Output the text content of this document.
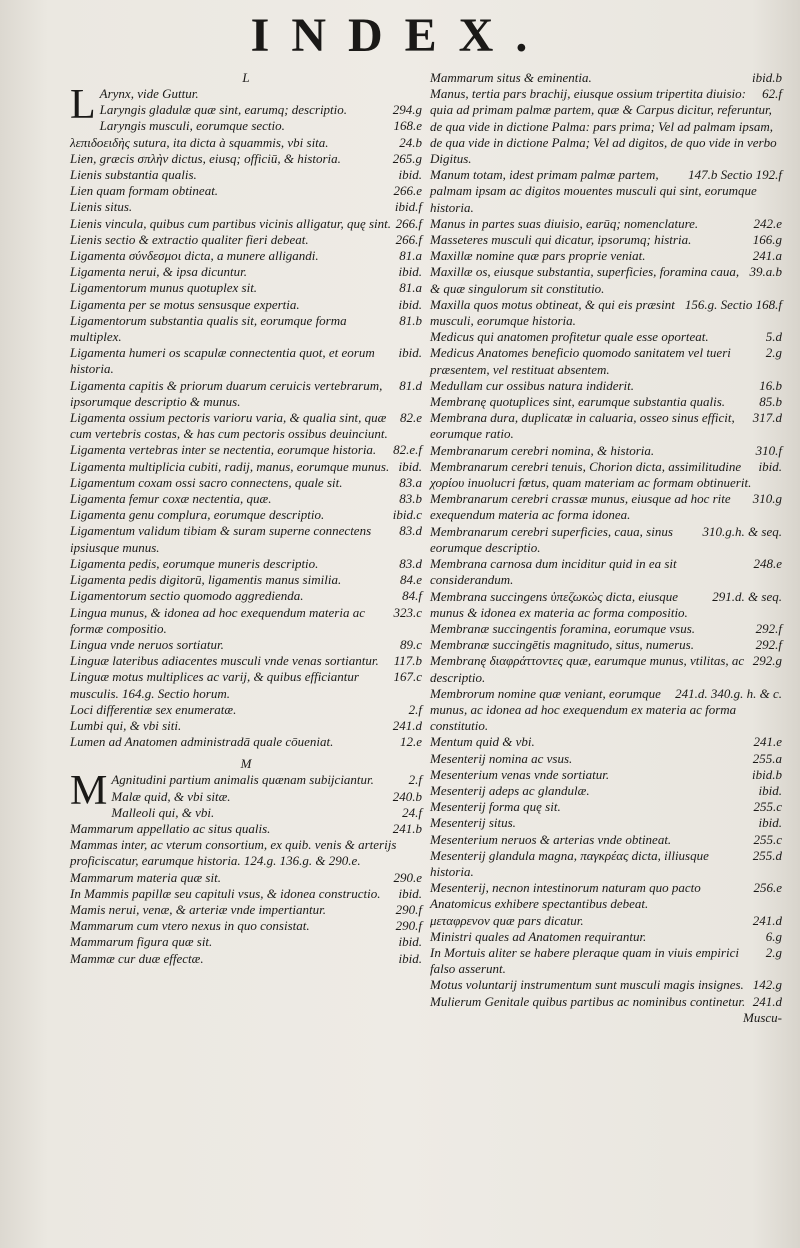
INDEX.
L
L Arynx, vide Guttur.
294.g
Laryngis gladulæ quæ sint, earumq; descriptio.
168.e
Laryngis musculi, eorumque sectio.
24.b
λεπιδοειδὴς sutura, ita dicta à squammis, vbi sita.
265.g
Lien, græcis σπλὴν dictus, eiusq; officiū, & historia.
ibid.
Lienis substantia qualis.
266.e
Lien quam formam obtineat.
ibid.f
Lienis situs.
266.f
Lienis vincula, quibus cum partibus vicinis alligatur, quę sint.
266.f
Lienis sectio & extractio qualiter fieri debeat.
81.a
Ligamenta σύνδεσμοι dicta, a munere alligandi.
ibid.
Ligamenta nerui, & ipsa dicuntur.
81.a
Ligamentorum munus quotuplex sit.
ibid.
Ligamenta per se motus sensusque expertia.
81.b
Ligamentorum substantia qualis sit, eorumque forma multiplex.
ibid.
Ligamenta humeri os scapulæ connectentia quot, et eorum historia.
81.d
Ligamenta capitis & priorum duarum ceruicis vertebrarum, ipsorumque descriptio & munus.
82.e
Ligamenta ossium pectoris varioru varia, & qualia sint, quæ cum vertebris costas, & has cum pectoris ossibus deuinciunt.
82.e.f
Ligamenta vertebras inter se nectentia, eorumque historia.
ibid.
Ligamenta multiplicia cubiti, radij, manus, eorumque munus.
83.a
Ligamentum coxam ossi sacro connectens, quale sit.
83.b
Ligamenta femur coxæ nectentia, quæ.
ibid.c
Ligamenta genu complura, eorumque descriptio.
83.d
Ligamentum validum tibiam & suram superne connectens ipsiusque munus.
83.d
Ligamenta pedis, eorumque muneris descriptio.
84.e
Ligamenta pedis digitorū, ligamentis manus similia.
84.f
Ligamentorum sectio quomodo aggredienda.
323.c
Lingua munus, & idonea ad hoc exequendum materia ac formæ compositio.
89.c
Lingua vnde neruos sortiatur.
117.b
Linguæ lateribus adiacentes musculi vnde venas sortiantur.
167.c
Linguæ motus multiplices ac varij, & quibus efficiantur musculis. 164.g. Sectio horum.
2.f
Loci differentiæ sex enumeratæ.
241.d
Lumbi qui, & vbi siti.
12.e
Lumen ad Anatomen administradā quale cōueniat.
M
M	2.f
Agnitudini partium animalis quænam subijciantur.
240.b
Malæ quid, & vbi sitæ.
24.f
Malleoli qui, & vbi.
241.b
Mammarum appellatio ac situs qualis.
Mammas inter, ac vterum consortium, ex quib. venis & arterijs proficiscatur, earumque historia. 124.g. 136.g. & 290.e.
290.e
Mammarum materia quæ sit.
ibid.
In Mammis papillæ seu capituli vsus, & idonea constructio.
290.f
Mamis nerui, venæ, & arteriæ vnde impertiantur.
290.f
Mammarum cum vtero nexus in quo consistat.
ibid.
Mammarum figura quæ sit.
ibid.
Mammæ cur duæ effectæ.
ibid.b
Mammarum situs & eminentia.
62.f
Manus, tertia pars brachij, eiusque ossium tripertita diuisio: quia ad primam palmæ partem, quæ & Carpus dicitur, referuntur, de qua vide in dictione Palma: pars prima; Vel ad palmam ipsam, de qua vide in dictione Palma; Vel ad digitos, de quo vide in verbo Digitus.
147.b Sectio 192.f
Manum totam, idest primam palmæ partem, palmam ipsam ac digitos mouentes musculi qui sint, eorumque historia.
242.e
Manus in partes suas diuisio, earūq; nomenclature.
166.g
Masseteres musculi qui dicatur, ipsorumq; histria.
241.a
Maxillæ nomine quæ pars proprie veniat.
39.a.b
Maxillæ os, eiusque substantia, superficies, foramina caua, & quæ singulorum sit constitutio.
156.g. Sectio 168.f
Maxilla quos motus obtineat, & qui eis præsint musculi, eorumque historia.
5.d
Medicus qui anatomen profitetur quale esse oporteat.
2.g
Medicus Anatomes beneficio quomodo sanitatem vel tueri præsentem, vel restituat absentem.
16.b
Medullam cur ossibus natura indiderit.
85.b
Membranę quotuplices sint, earumque substantia qualis.
317.d
Membrana dura, duplicatæ in caluaria, osseo sinus efficit, eorumque ratio.
310.f
Membranarum cerebri nomina, & historia.
ibid.
Membranarum cerebri tenuis, Chorion dicta, assimilitudine χορίου inuolucri fœtus, quam materiam ac formam obtinuerit.
310.g
Membranarum cerebri crassæ munus, eiusque ad hoc rite exequendum materia ac forma idonea.
310.g.h. & seq.
Membranarum cerebri superficies, caua, sinus eorumque descriptio.
248.e
Membrana carnosa dum inciditur quid in ea sit considerandum.
291.d. & seq.
Membrana succingens ὑπεζωκὼς dicta, eiusque munus & idonea ex materia ac forma compositio.
292.f
Membranæ succingentis foramina, eorumque vsus.
292.f
Membranæ succingētis magnitudo, situs, numerus.
292.g
Membranę διαφράττοντες quæ, earumque munus, vtilitas, ac descriptio.
241.d. 340.g. h. & c.
Membrorum nomine quæ veniant, eorumque munus, ac idonea ad hoc exequendum ex materia ac forma constitutio.
241.e
Mentum quid & vbi.
255.a
Mesenterij nomina ac vsus.
ibid.b
Mesenterium venas vnde sortiatur.
ibid.
Mesenterij adeps ac glandulæ.
255.c
Mesenterij forma quę sit.
ibid.
Mesenterij situs.
255.c
Mesenterium neruos & arterias vnde obtineat.
255.d
Mesenterij glandula magna, παγκρέας dicta, illiusque historia.
256.e
Mesenterij, necnon intestinorum naturam quo pacto Anatomicus exhibere spectantibus debeat.
241.d
μεταφρενον quæ pars dicatur.
6.g
Ministri quales ad Anatomen requirantur.
2.g
In Mortuis aliter se habere pleraque quam in viuis empirici falso asserunt.
142.g
Motus voluntarij instrumentum sunt musculi magis insignes.
241.d
Mulierum Genitale quibus partibus ac nominibus continetur.
Muscu-
